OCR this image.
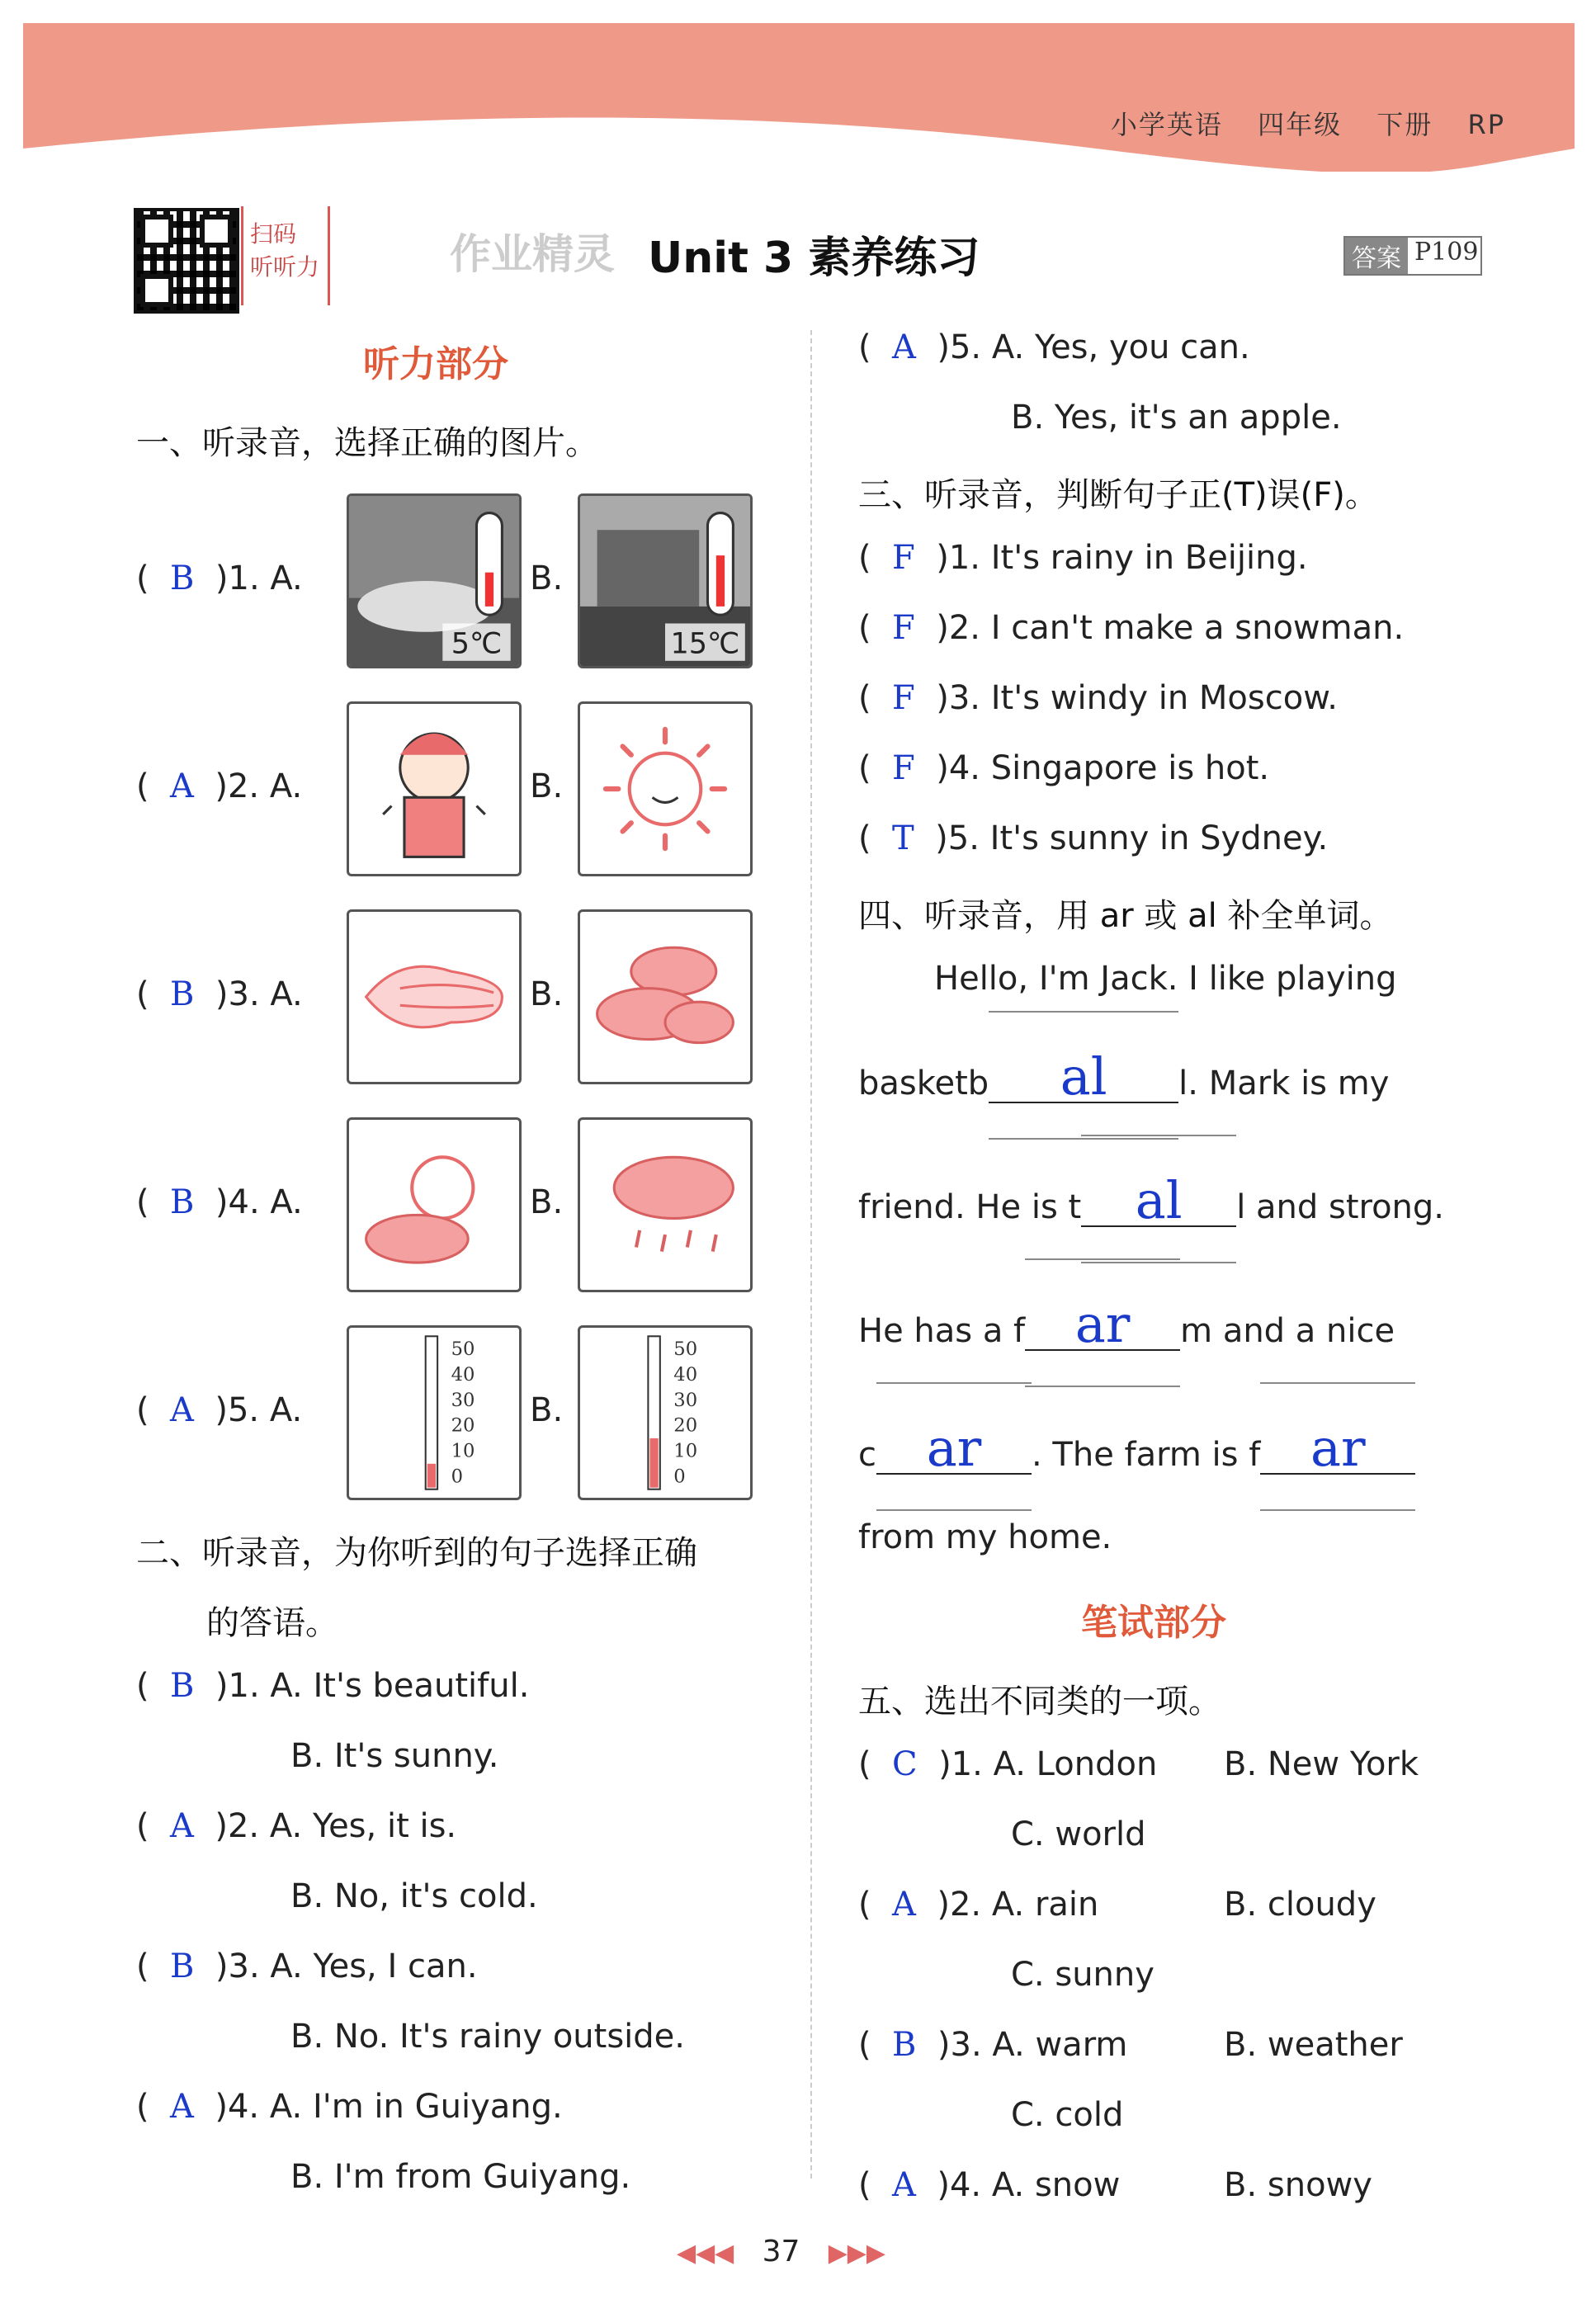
小学英语 四年级 下册 RP
扫码
听听力	作业精灵 Unit 3 素养练习	答案 P109
听力部分
一、听录音，选择正确的图片。
(  B )1. A.
5℃
B.
15℃
(  A )2. A.	B.
(  B )3. A.	B.
(  B )4. A.	B.
(  A )5. A.
50
40
30
20
10
0
B.
50
40
30
20
10
0
二、听录音，为你听到的句子选择正确
的答语。
(  B )1. A. It's beautiful.
B. It's sunny.
(  A )2. A. Yes, it is.
B. No, it's cold.
(  B )3. A. Yes, I can.
B. No. It's rainy outside.
(  A )4. A. I'm in Guiyang.
B. I'm from Guiyang.
(  A )5. A. Yes, you can.
B. Yes, it's an apple.
三、听录音，判断句子正(T)误(F)。
(  F )1. It's rainy in Beijing.
(  F )2. I can't make a snowman.
(  F )3. It's windy in Moscow.
(  F )4. Singapore is hot.
(  T )5. It's sunny in Sydney.
四、听录音，用 ar 或 al 补全单词。
Hello, I'm Jack. I like playing
basketb al l. Mark is my
friend. He is t al l and strong.
He has a f ar m and a nice
c ar . The farm is f ar
from my home.
笔试部分
五、选出不同类的一项。
(  C )1. A. London B. New York
C. world
(  A )2. A. rain	B. cloudy
C. sunny
(  B )3. A. warm	B. weather
C. cold
(  A )4. A. snow	B. snowy
◀◀◀ 37 ▶▶▶
